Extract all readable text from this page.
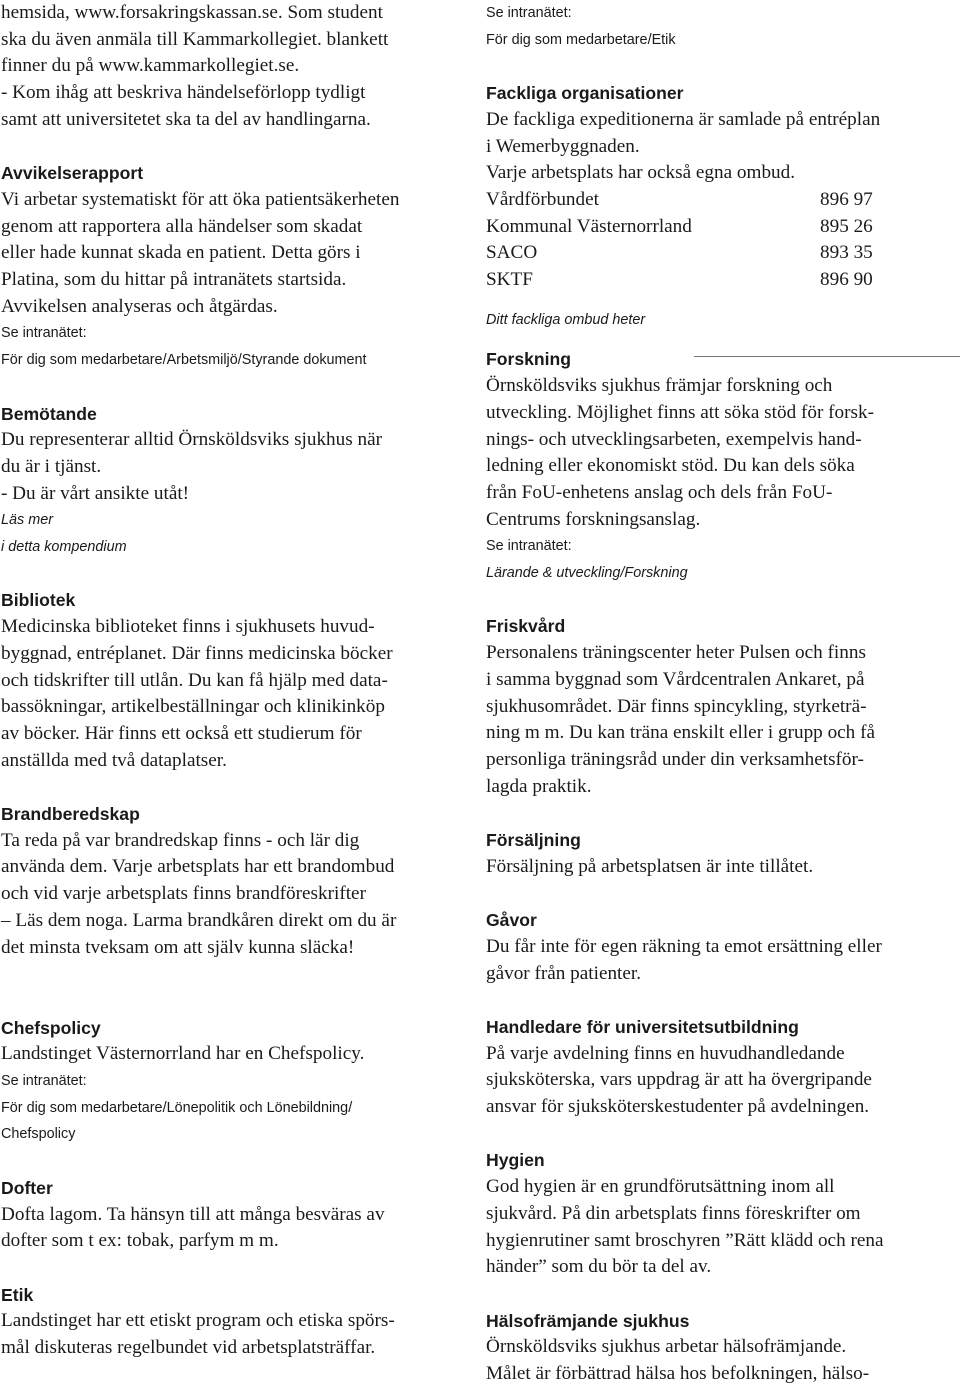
hemsida, www.forsakringskassan.se. Som student

ska du även anmäla till Kammarkollegiet. blankett

finner du på www.kammarkollegiet.se.

- Kom ihåg att beskriva händelseförlopp tydligt

samt att universitetet ska ta del av handlingarna.

Avvikelserapport

Vi arbetar systematiskt för att öka patientsäkerheten

genom att rapportera alla händelser som skadat

eller hade kunnat skada en patient. Detta görs i

Platina, som du hittar på intranätets startsida.

Avvikelsen analyseras och åtgärdas.

Se intranätet:

För dig som medarbetare/Arbetsmiljö/Styrande dokument

Bemötande

Du representerar alltid Örnsköldsviks sjukhus när

du är i tjänst.

- Du är vårt ansikte utåt!

Läs mer

i detta kompendium

Bibliotek

Medicinska biblioteket finns i sjukhusets huvud-

byggnad, entréplanet. Där finns medicinska böcker

och tidskrifter till utlån. Du kan få hjälp med data-

bassökningar, artikelbeställningar och klinikinköp

av böcker. Här finns ett också ett studierum för

anställda med två dataplatser.

Brandberedskap

Ta reda på var brandredskap finns - och lär dig

använda dem. Varje arbetsplats har ett brandombud

och vid varje arbetsplats finns brandföreskrifter

– Läs dem noga. Larma brandkåren direkt om du är

det minsta tveksam om att själv kunna släcka!

Chefspolicy

Landstinget Västernorrland har en Chefspolicy.

Se intranätet:

För dig som medarbetare/Lönepolitik och Lönebildning/

Chefspolicy

Dofter

Dofta lagom. Ta hänsyn till att många besväras av

dofter som t ex: tobak, parfym m m.

Etik

Landstinget har ett etiskt program och etiska spörs-

mål diskuteras regelbundet vid arbetsplatsträffar.

Se intranätet:

För dig som medarbetare/Etik

Fackliga organisationer

De fackliga expeditionerna är samlade på entréplan

i Wemerbyggnaden.

Varje arbetsplats har också egna ombud.

Vårdförbundet	896 97
Kommunal Västernorrland	895 26
SACO	893 35
SKTF	896 90

Ditt fackliga ombud heter

Forskning

Örnsköldsviks sjukhus främjar forskning och

utveckling. Möjlighet finns att söka stöd för forsk-

nings- och utvecklingsarbeten, exempelvis hand-

ledning eller ekonomiskt stöd. Du kan dels söka

från FoU-enhetens anslag och dels från FoU-

Centrums forskningsanslag.

Se intranätet:

Lärande & utveckling/Forskning

Friskvård

Personalens träningscenter heter Pulsen och finns

i samma byggnad som Vårdcentralen Ankaret, på

sjukhusområdet. Där finns spincykling, styrketrä-

ning m m. Du kan träna enskilt eller i grupp och få

personliga träningsråd under din verksamhetsför-

lagda praktik.

Försäljning

Försäljning på arbetsplatsen är inte tillåtet.

Gåvor

Du får inte för egen räkning ta emot ersättning eller

gåvor från patienter.

Handledare för universitetsutbildning

På varje avdelning finns en huvudhandledande

sjuksköterska, vars uppdrag är att ha övergripande

ansvar för sjuksköterskestudenter på avdelningen.

Hygien

God hygien är en grundförutsättning inom all

sjukvård. På din arbetsplats finns föreskrifter om

hygienrutiner samt broschyren ”Rätt klädd och rena

händer” som du bör ta del av.

Hälsofrämjande sjukhus

Örnsköldsviks sjukhus arbetar hälsofrämjande.

Målet är förbättrad hälsa hos befolkningen, hälso-
